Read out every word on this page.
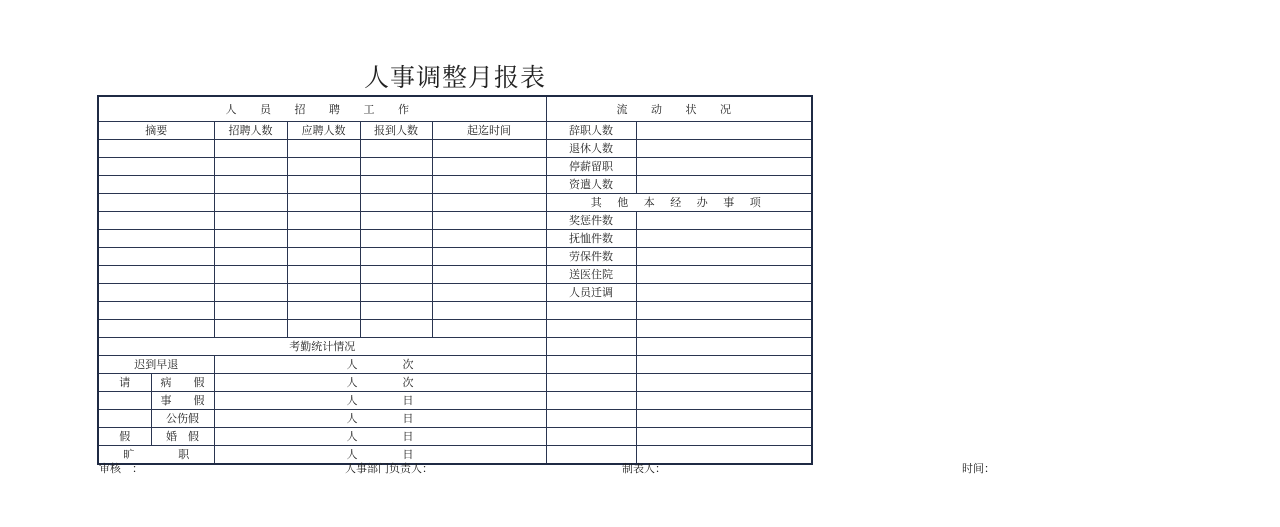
人事调整月报表
人 员 招 聘 工 作						流 动 状 况	
摘要		招聘人数	应聘人数	报到人数	起迄时间	辞职人数	
						退休人数	
						停薪留职	
						资遣人数	
						其 他 本 经 办 事 项	
						奖惩件数	
						抚恤件数	
						劳保件数	
						送医住院	
						人员迁调	

考勤统计情况							
迟到早退		人 次					
请	病　　假	人 次					
	事　　假	人 日					
	公伤假	人 日					
假	婚　假	人 日					
旷　　　　职		人 日					
审核　：	人事部门负责人：	制表人：	时间：
